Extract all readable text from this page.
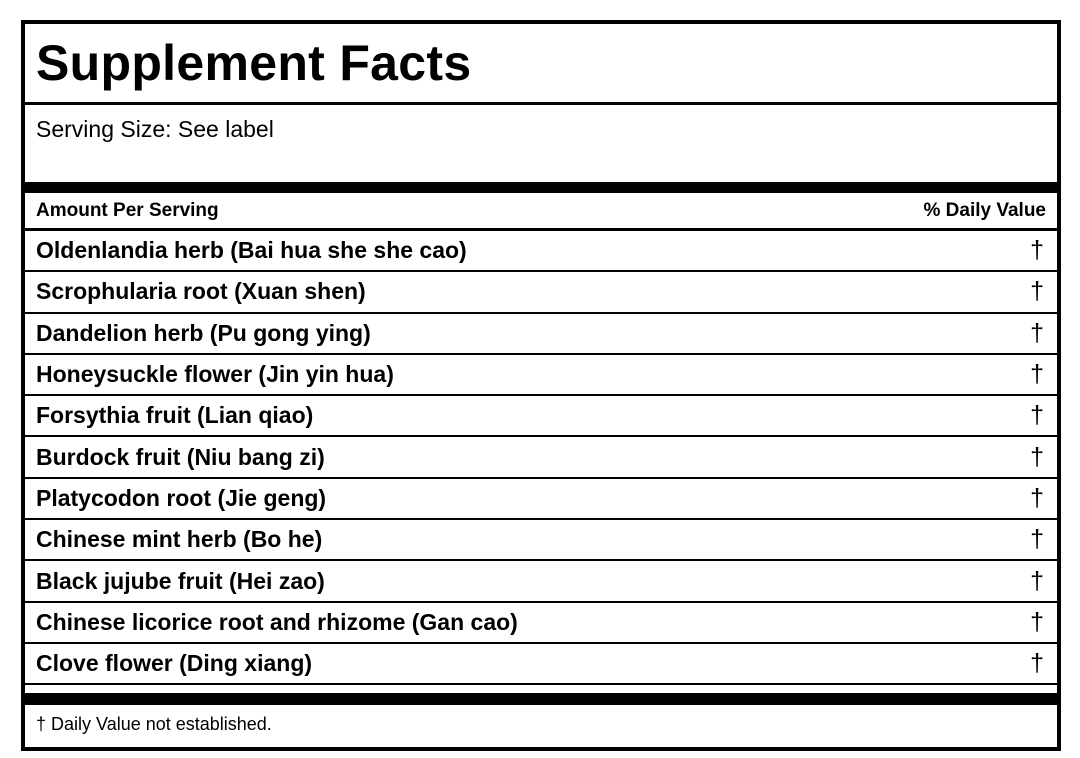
Supplement Facts
Serving Size: See label
Amount Per Serving	% Daily Value
Oldenlandia herb (Bai hua she she cao)	†
Scrophularia root (Xuan shen)	†
Dandelion herb (Pu gong ying)	†
Honeysuckle flower (Jin yin hua)	†
Forsythia fruit (Lian qiao)	†
Burdock fruit (Niu bang zi)	†
Platycodon root (Jie geng)	†
Chinese mint herb (Bo he)	†
Black jujube fruit (Hei zao)	†
Chinese licorice root and rhizome (Gan cao)	†
Clove flower (Ding xiang)	†
† Daily Value not established.
